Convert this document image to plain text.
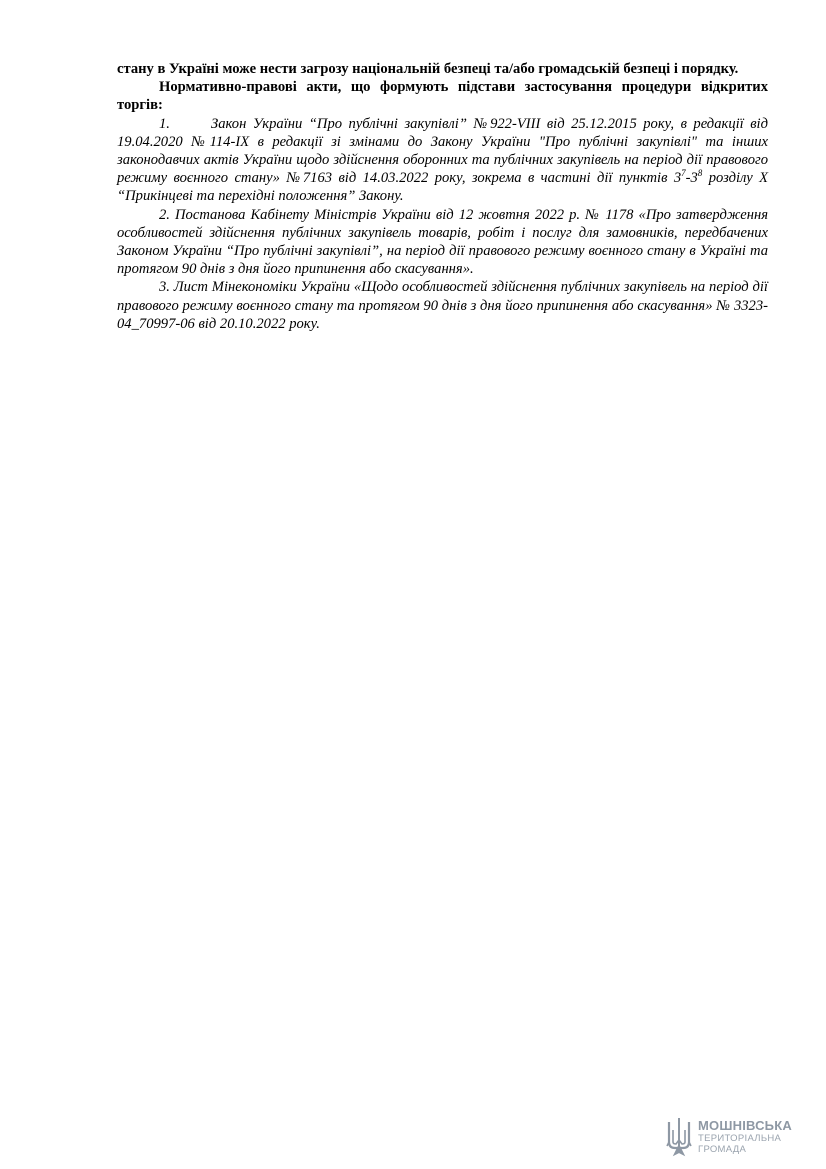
стану в Україні може нести загрозу національній безпеці та/або громадській безпеці і порядку.

Нормативно-правові акти, що формують підстави застосування процедури відкритих торгів:

1.	Закон України “Про публічні закупівлі” №922-VIII від 25.12.2015 року, в редакції від 19.04.2020 №114-IX в редакції зі змінами до Закону України "Про публічні закупівлі" та інших законодавчих актів України щодо здійснення оборонних та публічних закупівель на період дії правового режиму воєнного стану» №7163 від 14.03.2022 року, зокрема в частині дії пунктів $3^7-3^8$ розділу X “Прикінцеві та перехідні положення” Закону.

2. Постанова Кабінету Міністрів України від 12 жовтня 2022 р. № 1178 «Про затвердження особливостей здійснення публічних закупівель товарів, робіт і послуг для замовників, передбачених Законом України “Про публічні закупівлі”, на період дії правового режиму воєнного стану в Україні та протягом 90 днів з дня його припинення або скасування».

3. Лист Мінекономіки України «Щодо особливостей здійснення публічних закупівель на період дії правового режиму воєнного стану та протягом 90 днів з дня його припинення або скасування» № 3323-04_70997-06 від 20.10.2022 року.

МОШНІВСЬКА
ТЕРИТОРІАЛЬНА
ГРОМАДА
